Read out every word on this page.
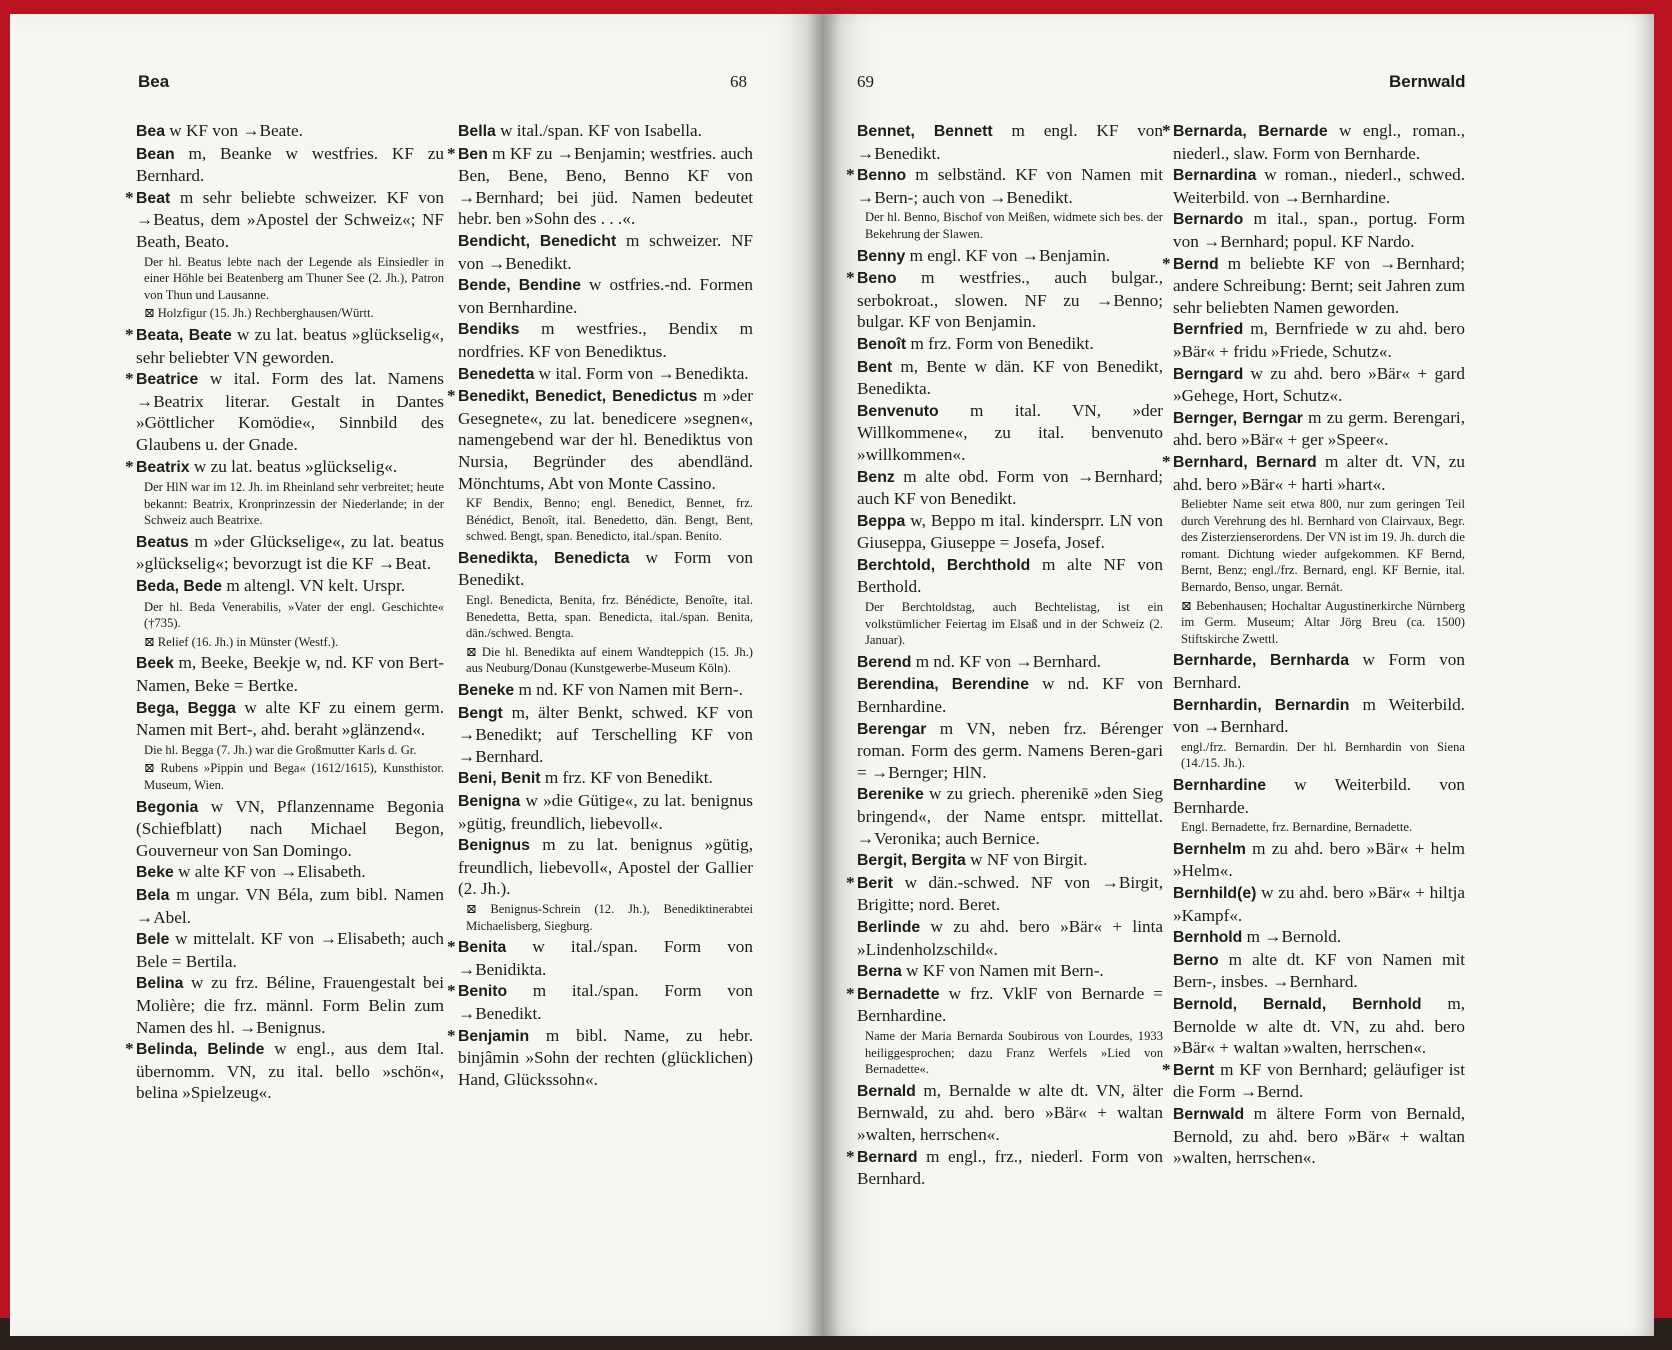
Bea	68

Bea w KF von →Beate.

Bean m, Beanke w westfries. KF zu Bernhard.

* Beat m sehr beliebte schweizer. KF von →Beatus, dem »Apostel der Schweiz«; NF Beath, Beato.

Der hl. Beatus lebte nach der Legende als Einsiedler in einer Höhle bei Beatenberg am Thuner See (2. Jh.), Patron von Thun und Lausanne.
⊠ Holzfigur (15. Jh.) Rechberghausen/Württ.

* Beata, Beate w zu lat. beatus »glückselig«, sehr beliebter VN geworden.

* Beatrice w ital. Form des lat. Namens →Beatrix literar. Gestalt in Dantes »Göttlicher Komödie«, Sinnbild des Glaubens u. der Gnade.

* Beatrix w zu lat. beatus »glückselig«.

Der HlN war im 12. Jh. im Rheinland sehr verbreitet; heute bekannt: Beatrix, Kronprinzessin der Niederlande; in der Schweiz auch Beatrixe.

Beatus m »der Glückselige«, zu lat. beatus »glückselig«; bevorzugt ist die KF →Beat.

Beda, Bede m altengl. VN kelt. Urspr.

Der hl. Beda Venerabilis, »Vater der engl. Geschichte« (†735).
⊠ Relief (16. Jh.) in Münster (Westf.).

Beek m, Beeke, Beekje w, nd. KF von Bert-Namen, Beke = Bertke.

Bega, Begga w alte KF zu einem germ. Namen mit Bert-, ahd. beraht »glänzend«.

Die hl. Begga (7. Jh.) war die Großmutter Karls d. Gr.
⊠ Rubens »Pippin und Bega« (1612/1615), Kunsthistor. Museum, Wien.

Begonia w VN, Pflanzenname Begonia (Schiefblatt) nach Michael Begon, Gouverneur von San Domingo.

Beke w alte KF von →Elisabeth.

Bela m ungar. VN Béla, zum bibl. Namen →Abel.

Bele w mittelalt. KF von →Elisabeth; auch Bele = Bertila.

Belina w zu frz. Béline, Frauengestalt bei Molière; die frz. männl. Form Belin zum Namen des hl. →Benignus.

* Belinda, Belinde w engl., aus dem Ital. übernomm. VN, zu ital. bello »schön«, belina »Spielzeug«.

Bella w ital./span. KF von Isabella.

* Ben m KF zu →Benjamin; westfries. auch Ben, Bene, Beno, Benno KF von →Bernhard; bei jüd. Namen bedeutet hebr. ben »Sohn des . . .«.

Bendicht, Benedicht m schweizer. NF von →Benedikt.

Bende, Bendine w ostfries.-nd. Formen von Bernhardine.

Bendiks m westfries., Bendix m nordfries. KF von Benediktus.

Benedetta w ital. Form von →Benedikta.

* Benedikt, Benedict, Benedictus m »der Gesegnete«, zu lat. benedicere »segnen«, namengebend war der hl. Benediktus von Nursia, Begründer des abendländ. Mönchtums, Abt von Monte Cassino.

KF Bendix, Benno; engl. Benedict, Bennet, frz. Bénédict, Benoît, ital. Benedetto, dän. Bengt, Bent, schwed. Bengt, span. Benedicto, ital./span. Benito.

Benedikta, Benedicta w Form von Benedikt.

Engl. Benedicta, Benita, frz. Bénédicte, Benoîte, ital. Benedetta, Betta, span. Benedicta, ital./span. Benita, dän./schwed. Bengta.
⊠ Die hl. Benedikta auf einem Wandteppich (15. Jh.) aus Neuburg/Donau (Kunstgewerbe-Museum Köln).

Beneke m nd. KF von Namen mit Bern-.

Bengt m, älter Benkt, schwed. KF von →Benedikt; auf Terschelling KF von →Bernhard.

Beni, Benit m frz. KF von Benedikt.

Benigna w »die Gütige«, zu lat. benignus »gütig, freundlich, liebevoll«.

Benignus m zu lat. benignus »gütig, freundlich, liebevoll«, Apostel der Gallier (2. Jh.).

⊠ Benignus-Schrein (12. Jh.), Benediktinerabtei Michaelisberg, Siegburg.

* Benita w ital./span. Form von →Benidikta.

* Benito m ital./span. Form von →Benedikt.

* Benjamin m bibl. Name, zu hebr. binjâmin »Sohn der rechten (glücklichen) Hand, Glückssohn«.

69	Bernwald

Bennet, Bennett m engl. KF von →Benedikt.

* Benno m selbständ. KF von Namen mit →Bern-; auch von →Benedikt.

Der hl. Benno, Bischof von Meißen, widmete sich bes. der Bekehrung der Slawen.

Benny m engl. KF von →Benjamin.

* Beno m westfries., auch bulgar., serbokroat., slowen. NF zu →Benno; bulgar. KF von Benjamin.

Benoît m frz. Form von Benedikt.

Bent m, Bente w dän. KF von Benedikt, Benedikta.

Benvenuto m ital. VN, »der Willkommene«, zu ital. benvenuto »willkommen«.

Benz m alte obd. Form von →Bernhard; auch KF von Benedikt.

Beppa w, Beppo m ital. kindersprr. LN von Giuseppa, Giuseppe = Josefa, Josef.

Berchtold, Berchthold m alte NF von Berthold.

Der Berchtoldstag, auch Bechtelistag, ist ein volkstümlicher Feiertag im Elsaß und in der Schweiz (2. Januar).

Berend m nd. KF von →Bernhard.

Berendina, Berendine w nd. KF von Bernhardine.

Berengar m VN, neben frz. Bérenger roman. Form des germ. Namens Beren-gari = →Bernger; HlN.

Berenike w zu griech. pherenikē »den Sieg bringend«, der Name entspr. mittellat. →Veronika; auch Bernice.

Bergit, Bergita w NF von Birgit.

* Berit w dän.-schwed. NF von →Birgit, Brigitte; nord. Beret.

Berlinde w zu ahd. bero »Bär« + linta »Lindenholzschild«.

Berna w KF von Namen mit Bern-.

* Bernadette w frz. VklF von Bernarde = Bernhardine.

Name der Maria Bernarda Soubirous von Lourdes, 1933 heiliggesprochen; dazu Franz Werfels »Lied von Bernadette«.

Bernald m, Bernalde w alte dt. VN, älter Bernwald, zu ahd. bero »Bär« + waltan »walten, herrschen«.

* Bernard m engl., frz., niederl. Form von Bernhard.

* Bernarda, Bernarde w engl., roman., niederl., slaw. Form von Bernharde.

Bernardina w roman., niederl., schwed. Weiterbild. von →Bernhardine.

Bernardo m ital., span., portug. Form von →Bernhard; popul. KF Nardo.

* Bernd m beliebte KF von →Bernhard; andere Schreibung: Bernt; seit Jahren zum sehr beliebten Namen geworden.

Bernfried m, Bernfriede w zu ahd. bero »Bär« + fridu »Friede, Schutz«.

Berngard w zu ahd. bero »Bär« + gard »Gehege, Hort, Schutz«.

Bernger, Berngar m zu germ. Berengari, ahd. bero »Bär« + ger »Speer«.

* Bernhard, Bernard m alter dt. VN, zu ahd. bero »Bär« + harti »hart«.

Beliebter Name seit etwa 800, nur zum geringen Teil durch Verehrung des hl. Bernhard von Clairvaux, Begr. des Zisterzienserordens. Der VN ist im 19. Jh. durch die romant. Dichtung wieder aufgekommen. KF Bernd, Bernt, Benz; engl./frz. Bernard, engl. KF Bernie, ital. Bernardo, Benso, ungar. Bernát.
⊠ Bebenhausen; Hochaltar Augustinerkirche Nürnberg im Germ. Museum; Altar Jörg Breu (ca. 1500) Stiftskirche Zwettl.

Bernharde, Bernharda w Form von Bernhard.

Bernhardin, Bernardin m Weiterbild. von →Bernhard.

engl./frz. Bernardin. Der hl. Bernhardin von Siena (14./15. Jh.).

Bernhardine w Weiterbild. von Bernharde.

Engl. Bernadette, frz. Bernardine, Bernadette.

Bernhelm m zu ahd. bero »Bär« + helm »Helm«.

Bernhild(e) w zu ahd. bero »Bär« + hiltja »Kampf«.

Bernhold m →Bernold.

Berno m alte dt. KF von Namen mit Bern-, insbes. →Bernhard.

Bernold, Bernald, Bernhold m, Bernolde w alte dt. VN, zu ahd. bero »Bär« + waltan »walten, herrschen«.

* Bernt m KF von Bernhard; geläufiger ist die Form →Bernd.

Bernwald m ältere Form von Bernald, Bernold, zu ahd. bero »Bär« + waltan »walten, herrschen«.
